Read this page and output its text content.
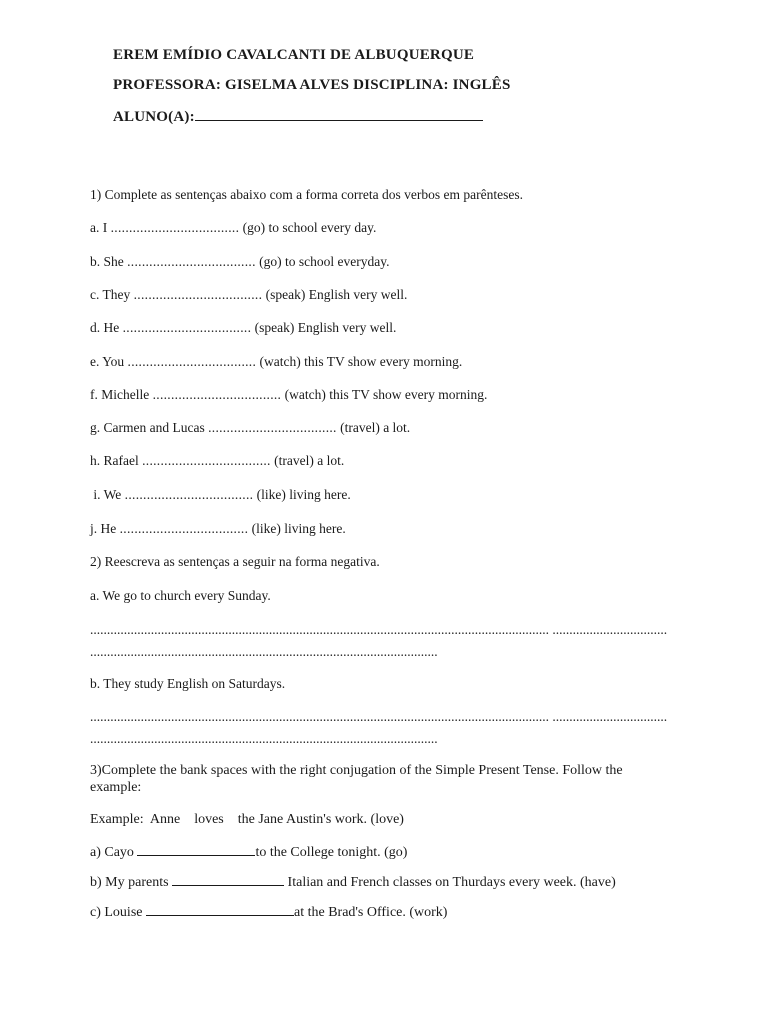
EREM EMÍDIO CAVALCANTI DE ALBUQUERQUE
PROFESSORA: GISELMA ALVES DISCIPLINA: INGLÊS
ALUNO(A):
1) Complete as sentenças abaixo com a forma correta dos verbos em parênteses.
a. I ................................... (go) to school every day.
b. She ................................... (go) to school everyday.
c. They ................................... (speak) English very well.
d. He ................................... (speak) English very well.
e. You ................................... (watch) this TV show every morning.
f. Michelle ................................... (watch) this TV show every morning.
g. Carmen and Lucas ................................... (travel) a lot.
h. Rafael ................................... (travel) a lot.
i. We ................................... (like) living here.
j. He ................................... (like) living here.
2) Reescreva as sentenças a seguir na forma negativa.
a. We go to church every Sunday.
........................................................................................................................................ ..................................
.......................................................................................................
b. They study English on Saturdays.
........................................................................................................................................ ..................................
.......................................................................................................
3)Complete the bank spaces with the right conjugation of the Simple Present Tense. Follow the
example:
Example:  Anne    loves    the Jane Austin's work. (love)
a) Cayo	to the College tonight. (go)
b) My parents	Italian and French classes on Thurdays every week. (have)
c) Louise	at the Brad's Office. (work)
